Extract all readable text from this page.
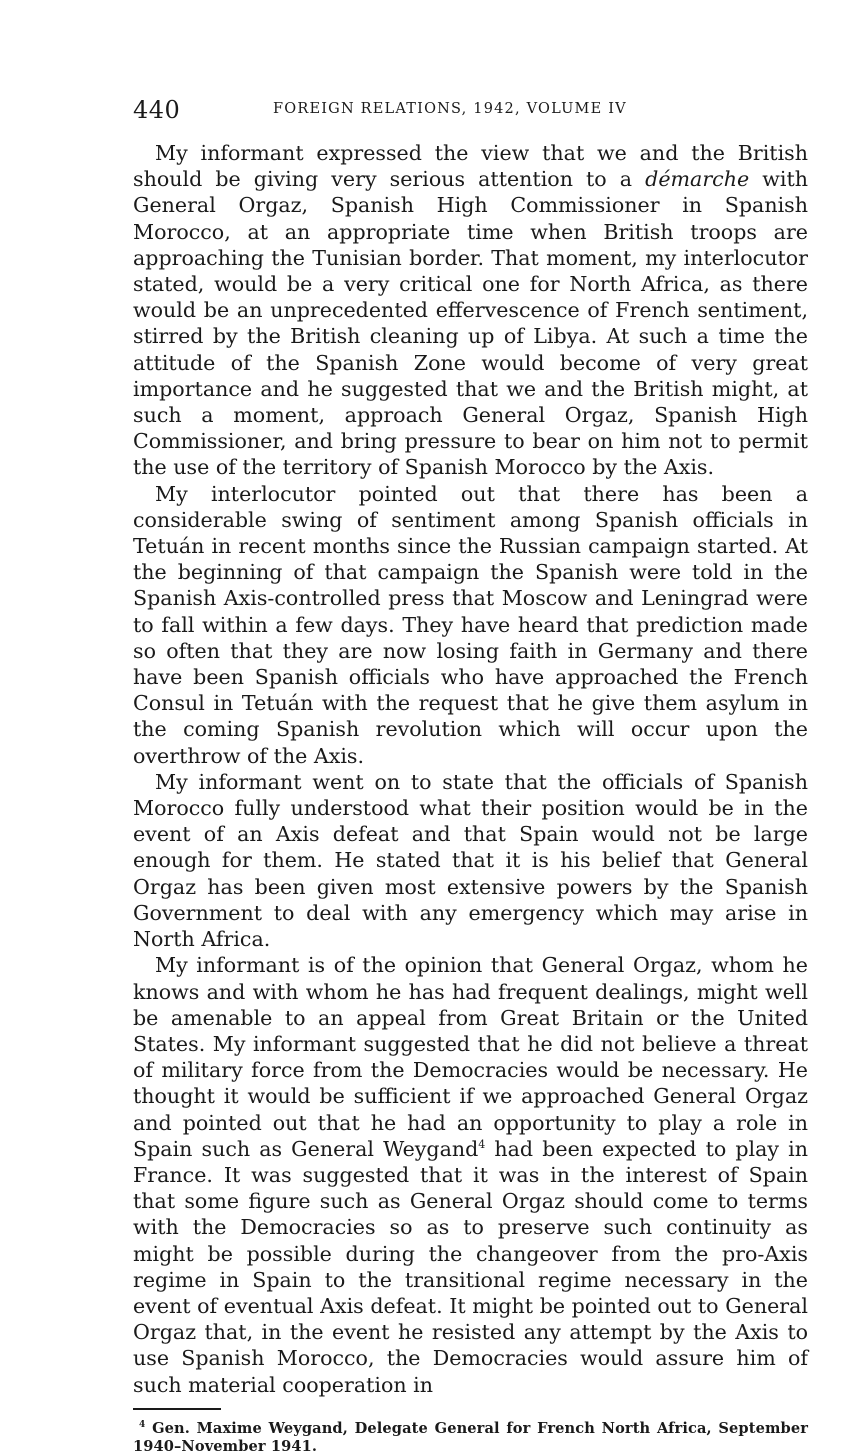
440	FOREIGN RELATIONS, 1942, VOLUME IV

My informant expressed the view that we and the British should be giving very serious attention to a démarche with General Orgaz, Spanish High Commissioner in Spanish Morocco, at an appropriate time when British troops are approaching the Tunisian border. That moment, my interlocutor stated, would be a very critical one for North Africa, as there would be an unprecedented effervescence of French sentiment, stirred by the British cleaning up of Libya. At such a time the attitude of the Spanish Zone would become of very great importance and he suggested that we and the British might, at such a moment, approach General Orgaz, Spanish High Commissioner, and bring pressure to bear on him not to permit the use of the territory of Spanish Morocco by the Axis.

My interlocutor pointed out that there has been a considerable swing of sentiment among Spanish officials in Tetuán in recent months since the Russian campaign started. At the beginning of that campaign the Spanish were told in the Spanish Axis-controlled press that Moscow and Leningrad were to fall within a few days. They have heard that prediction made so often that they are now losing faith in Germany and there have been Spanish officials who have approached the French Consul in Tetuán with the request that he give them asylum in the coming Spanish revolution which will occur upon the overthrow of the Axis.

My informant went on to state that the officials of Spanish Morocco fully understood what their position would be in the event of an Axis defeat and that Spain would not be large enough for them. He stated that it is his belief that General Orgaz has been given most extensive powers by the Spanish Government to deal with any emergency which may arise in North Africa.

My informant is of the opinion that General Orgaz, whom he knows and with whom he has had frequent dealings, might well be amenable to an appeal from Great Britain or the United States. My informant suggested that he did not believe a threat of military force from the Democracies would be necessary. He thought it would be sufficient if we approached General Orgaz and pointed out that he had an opportunity to play a role in Spain such as General Weygand$^4$ had been expected to play in France. It was suggested that it was in the interest of Spain that some figure such as General Orgaz should come to terms with the Democracies so as to preserve such continuity as might be possible during the changeover from the pro-Axis regime in Spain to the transitional regime necessary in the event of eventual Axis defeat. It might be pointed out to General Orgaz that, in the event he resisted any attempt by the Axis to use Spanish Morocco, the Democracies would assure him of such material cooperation in

$^4$ Gen. Maxime Weygand, Delegate General for French North Africa, September 1940–November 1941.
